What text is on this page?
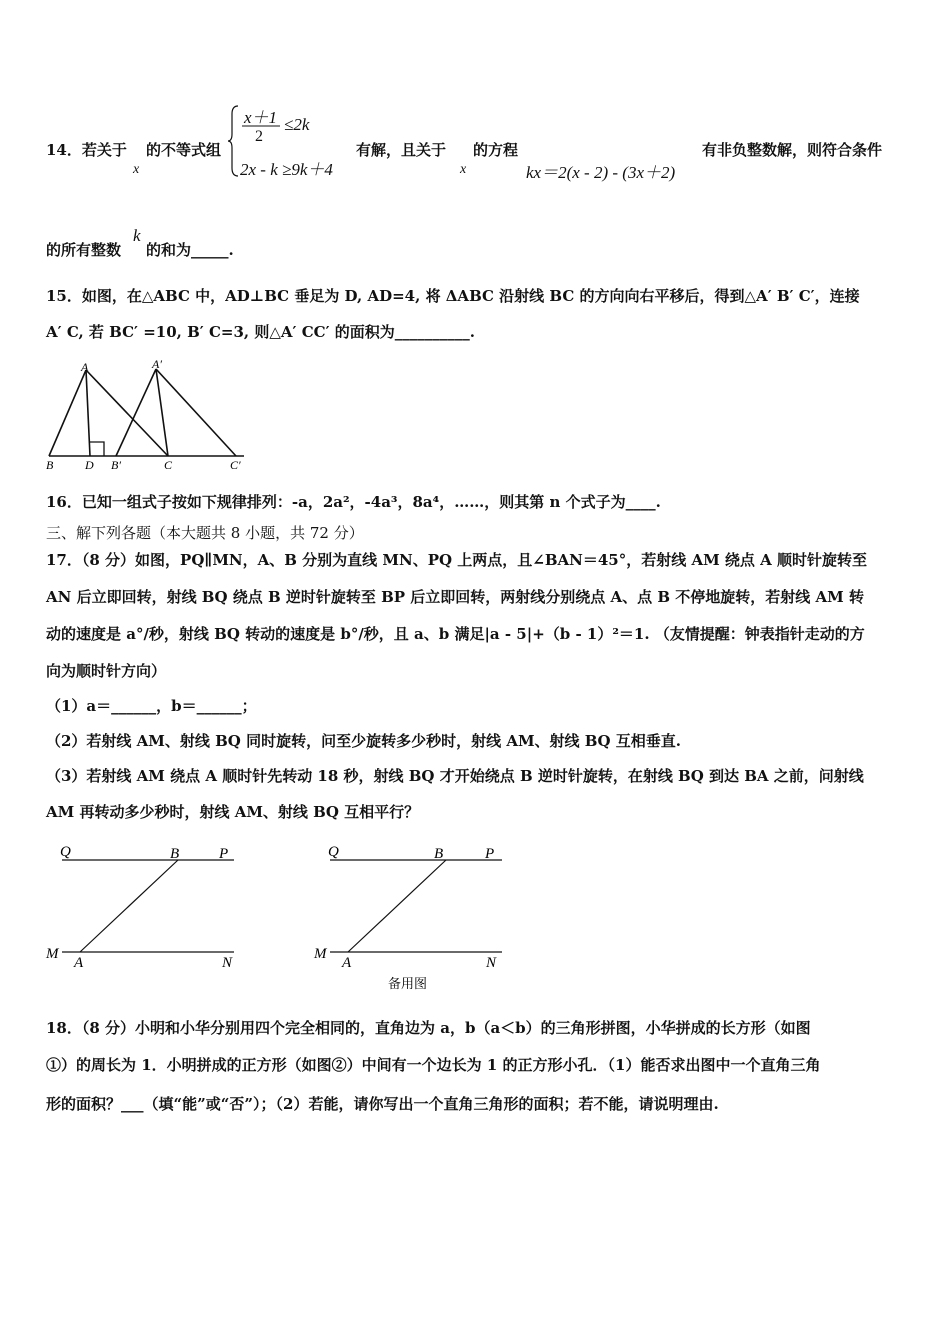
14．若关于
x
的不等式组
x＋1
2
≤2k
2x - k ≥9k＋4
有解，且关于
x
的方程
kx＝2(x - 2) - (3x＋2)
有非负整数解，则符合条件
的所有整数
k
的和为_____.
15．如图，在△ABC 中，AD⊥BC 垂足为 D, AD=4, 将 ΔABC 沿射线 BC 的方向向右平移后，得到△A′ B′ C′，连接
A′ C, 若 BC′ =10, B′ C=3, 则△A′ CC′ 的面积为__________.
A	A′
B	D B′	C	C′
16．已知一组式子按如下规律排列：-a，2a²，-4a³，8a⁴，……，则其第 n 个式子为____.
三、解下列各题（本大题共 8 小题，共 72 分）
17．（8 分）如图，PQ∥MN，A、B 分别为直线 MN、PQ 上两点，且∠BAN＝45°，若射线 AM 绕点 A 顺时针旋转至
AN 后立即回转，射线 BQ 绕点 B 逆时针旋转至 BP 后立即回转，两射线分别绕点 A、点 B 不停地旋转，若射线 AM 转
动的速度是 a°/秒，射线 BQ 转动的速度是 b°/秒，且 a、b 满足|a - 5|+（b - 1）²＝1. （友情提醒：钟表指针走动的方
向为顺时针方向）
（1）a＝______，b＝______；
（2）若射线 AM、射线 BQ 同时旋转，问至少旋转多少秒时，射线 AM、射线 BQ 互相垂直.
（3）若射线 AM 绕点 A 顺时针先转动 18 秒，射线 BQ 才开始绕点 B 逆时针旋转，在射线 BQ 到达 BA 之前，问射线
AM 再转动多少秒时，射线 AM、射线 BQ 互相平行？
Q	B	P
M
A	N
Q	B	P
M
A	N
备用图
18．（8 分）小明和小华分别用四个完全相同的，直角边为 a，b（a＜b）的三角形拼图，小华拼成的长方形（如图
①）的周长为 1．小明拼成的正方形（如图②）中间有一个边长为 1 的正方形小孔．（1）能否求出图中一个直角三角
形的面积？___（填“能”或“否”）；（2）若能，请你写出一个直角三角形的面积；若不能，请说明理由.
